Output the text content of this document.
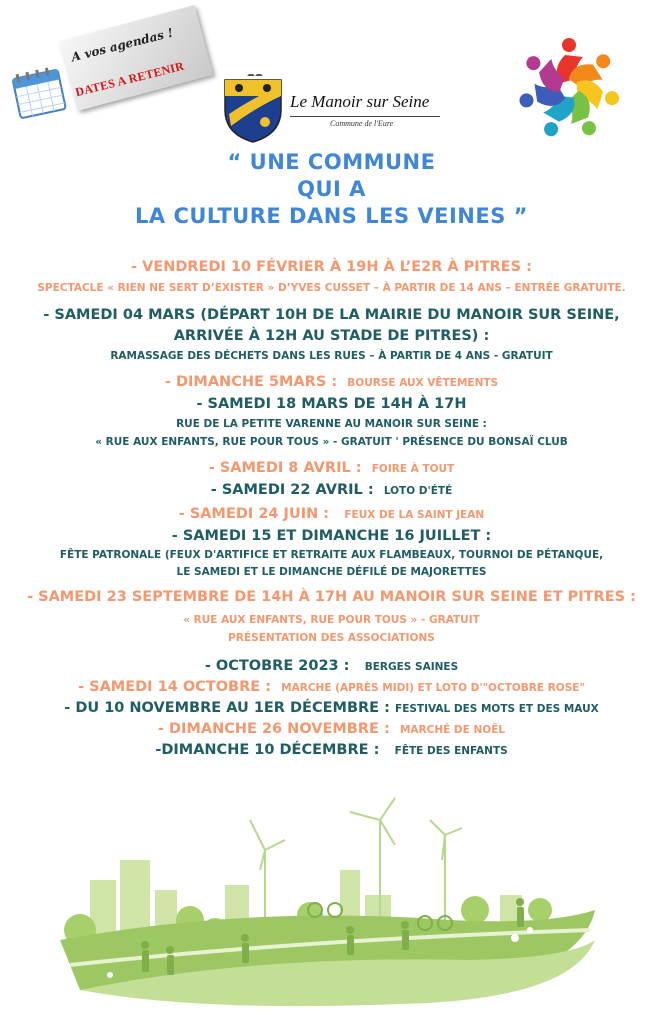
A vos agendas !
DATES A RETENIR
Le Manoir sur Seine
Commune de l'Eure
“ UNE COMMUNE
QUI A
LA CULTURE DANS LES VEINES ”
- VENDREDI 10 FÉVRIER À 19H À L’E2R À PITRES :
SPECTACLE « RIEN NE SERT D’EXISTER » D’YVES CUSSET – À PARTIR DE 14 ANS – ENTRÉE GRATUITE.
- SAMEDI 04 MARS (DÉPART 10H DE LA MAIRIE DU MANOIR SUR SEINE,
ARRIVÉE À 12H AU STADE DE PITRES) :
RAMASSAGE DES DÉCHETS DANS LES RUES – À PARTIR DE 4 ANS - GRATUIT
- DIMANCHE 5MARS : BOURSE AUX VÊTEMENTS
- SAMEDI 18 MARS DE 14H À 17H
RUE DE LA PETITE VARENNE AU MANOIR SUR SEINE :
« RUE AUX ENFANTS, RUE POUR TOUS » - GRATUIT ' PRÉSENCE DU BONSAÏ CLUB
- SAMEDI 8 AVRIL : FOIRE À TOUT
- SAMEDI 22 AVRIL : LOTO D'ÉTÉ
- SAMEDI 24 JUIN : FEUX DE LA SAINT JEAN
- SAMEDI 15 ET DIMANCHE 16 JUILLET :
FÊTE PATRONALE (FEUX D'ARTIFICE ET RETRAITE AUX FLAMBEAUX, TOURNOI DE PÉTANQUE,
LE SAMEDI ET LE DIMANCHE DÉFILÉ DE MAJORETTES
- SAMEDI 23 SEPTEMBRE DE 14H À 17H AU MANOIR SUR SEINE ET PITRES :
« RUE AUX ENFANTS, RUE POUR TOUS » - GRATUIT
PRÉSENTATION DES ASSOCIATIONS
- OCTOBRE 2023 : BERGES SAINES
- SAMEDI 14 OCTOBRE : MARCHE (APRÈS MIDI) ET LOTO D'"OCTOBRE ROSE"
- DU 10 NOVEMBRE AU 1ER DÉCEMBRE : FESTIVAL DES MOTS ET DES MAUX
- DIMANCHE 26 NOVEMBRE : MARCHÉ DE NOËL
-DIMANCHE 10 DÉCEMBRE : FÊTE DES ENFANTS
